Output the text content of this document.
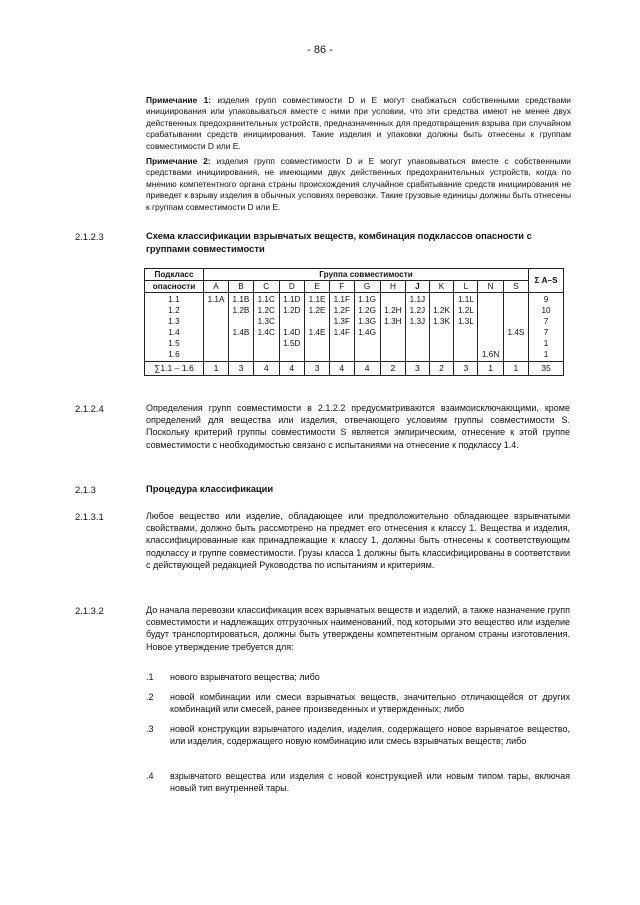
- 86 -
Примечание 1: изделия групп совместимости D и E могут снабжаться собственными средствами инициирования или упаковываться вместе с ними при условии, что эти средства имеют не менее двух действенных предохранительных устройств, предназначенных для предотвращения взрыва при случайном срабатывании средств инициирования. Такие изделия и упаковки должны быть отнесены к группам совместимости D или E.
Примечание 2: изделия групп совместимости D и E могут упаковываться вместе с собственными средствами инициирования, не имеющими двух действенных предохранительных устройств, когда по мнению компетентного органа страны происхождения случайное срабатывание средств инициирования не приведет к взрыву изделия в обычных условиях перевозки. Такие грузовые единицы должны быть отнесены к группам совместимости D или E.
2.1.2.3	Схема классификации взрывчатых веществ, комбинация подклассов опасности с группами совместимости
Подкласс	Группа совместимости													Σ A–S
опасности	A	B	C	D	E	F	G	H	J	K	L	N	S	
1.1	1.1A	1.1B	1.1C	1.1D	1.1E	1.1F	1.1G		1.1J		1.1L			9
1.2		1.2B	1.2C	1.2D	1.2E	1.2F	1.2G	1.2H	1.2J	1.2K	1.2L			10
1.3			1.3C			1.3F	1.3G	1.3H	1.3J	1.3K	1.3L			7
1.4		1.4B	1.4C	1.4D	1.4E	1.4F	1.4G						1.4S	7
1.5				1.5D										1
1.6												1.6N		1
∑1.1 – 1.6	1	3	4	4	3	4	4	2	3	2	3	1	1	35
2.1.2.4	Определения групп совместимости в 2.1.2.2 предусматриваются взаимоисключающими, кроме определений для вещества или изделия, отвечающего условиям группы совместимости S. Поскольку критерий группы совместимости S является эмпирическим, отнесение к этой группе совместимости с необходимостью связано с испытаниями на отнесение к подклассу 1.4.
2.1.3	Процедура классификации
2.1.3.1	Любое вещество или изделие, обладающее или предположительно обладающее взрывчатыми свойствами, должно быть рассмотрено на предмет его отнесения к классу 1. Вещества и изделия, классифицированные как принадлежащие к классу 1, должны быть отнесены к соответствующим подклассу и группе совместимости. Грузы класса 1 должны быть классифицированы в соответствии с действующей редакцией Руководства по испытаниям и критериям.
2.1.3.2	До начала перевозки классификация всех взрывчатых веществ и изделий, а также назначение групп совместимости и надлежащих отгрузочных наименований, под которыми это вещество или изделие будут транспортироваться, должны быть утверждены компетентным органом страны изготовления. Новое утверждение требуется для:
.1 нового взрывчатого вещества; либо
.2 новой комбинации или смеси взрывчатых веществ, значительно отличающейся от других комбинаций или смесей, ранее произведенных и утвержденных; либо
.3 новой конструкции взрывчатого изделия, изделия, содержащего новое взрывчатое вещество, или изделия, содержащего новую комбинацию или смесь взрывчатых веществ; либо
.4 взрывчатого вещества или изделия с новой конструкцией или новым типом тары, включая новый тип внутренней тары.
